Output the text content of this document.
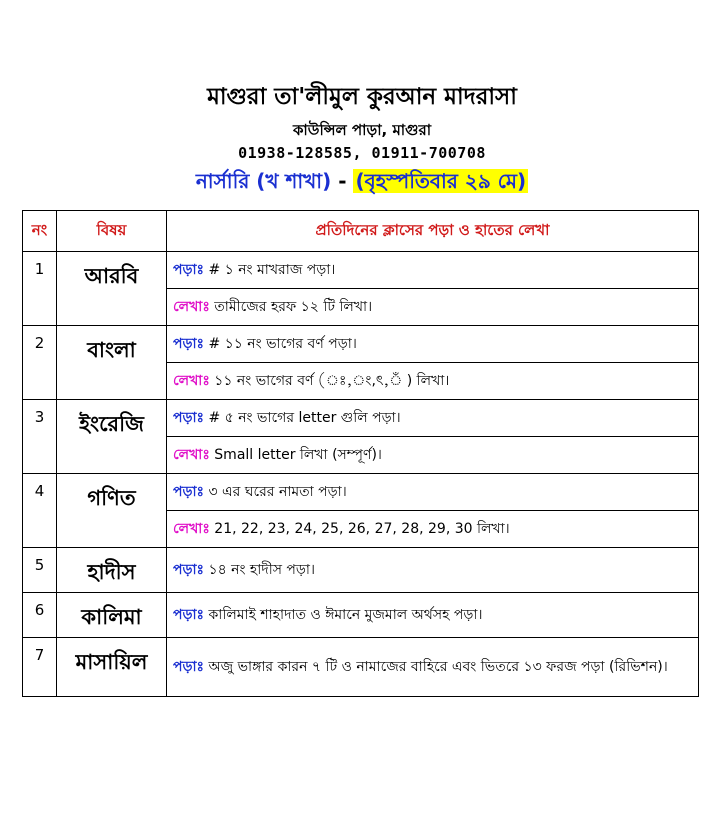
মাগুরা তা'লীমুল কুরআন মাদরাসা
কাউন্সিল পাড়া, মাগুরা
01938-128585, 01911-700708
নার্সারি (খ শাখা) - (বৃহস্পতিবার ২৯ মে)
নং	বিষয়	প্রতিদিনের ক্লাসের পড়া ও হাতের লেখা
1	আরবি	পড়াঃ # ১ নং মাখরাজ পড়া।
		লেখাঃ তামীজের হরফ ১২ টি লিখা।
2	বাংলা	পড়াঃ # ১১ নং ভাগের বর্ণ পড়া।
		লেখাঃ ১১ নং ভাগের বর্ণ (ঃ,ং,ৎ,ঁ ) লিখা।
3	ইংরেজি	পড়াঃ # ৫ নং ভাগের letter গুলি পড়া।
		লেখাঃ Small letter লিখা (সম্পূর্ণ)।
4	গণিত	পড়াঃ ৩ এর ঘরের নামতা পড়া।
		লেখাঃ 21, 22, 23, 24, 25, 26, 27, 28, 29, 30 লিখা।
5	হাদীস	পড়াঃ ১৪ নং হাদীস পড়া।
6	কালিমা	পড়াঃ কালিমাই শাহাদাত ও ঈমানে মুজমাল অর্থসহ পড়া।
7	মাসায়িল	পড়াঃ অজু ভাঙ্গার কারন ৭ টি ও নামাজের বাহিরে এবং ভিতরে ১৩ ফরজ পড়া (রিভিশন)।
